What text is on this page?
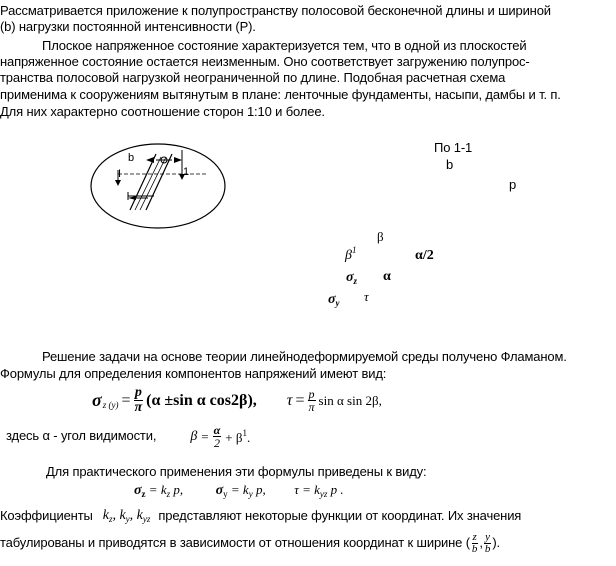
Рассматривается приложение к полупространству полосовой бесконечной длины и шириной
(b) нагрузки постоянной интенсивности (Р).
Плоское напряженное состояние характеризуется тем, что в одной из плоскостей
напряженное состояние остается неизменным. Оно соответствует загружению полупрос-
транства полосовой нагрузкой неограниченной по длине. Подобная расчетная схема
применима к сооружениям вытянутым в плане: ленточные фундаменты, насыпи, дамбы и т. п.
Для них характерно соотношение сторон 1:10 и более.
b
I	1
По 1-1
b
p
β
$\beta^1$	α/2
$\sigma_z$ α
$\sigma_y$ τ
Решение задачи на основе теории линейнодеформируемой среды получено Фламаном.
Формулы для определения компонентов напряжений имеют вид:
σ z $(y) = \frac{p}{\pi} (\alpha \pm\sin$ α cos2β), $\tau = \frac{p}{\pi}$ sin α sin 2β,
здесь α - угол видимости, $\beta = \frac{\alpha}{2} + \beta^1$.
Для практического применения эти формулы приведены к виду:
$\sigma_z = k_z$ p, $\sigma_y = k_y$ p, $\tau = k_{yz}$ p .
Коэффициенты $k_z$, $k_y$, $k_{yz}$ представляют некоторые функции от координат. Их значения
табулированы и приводятся в зависимости от отношения координат к ширине ( $\frac{z}{b}$ , $\frac{y}{b}$ ).
